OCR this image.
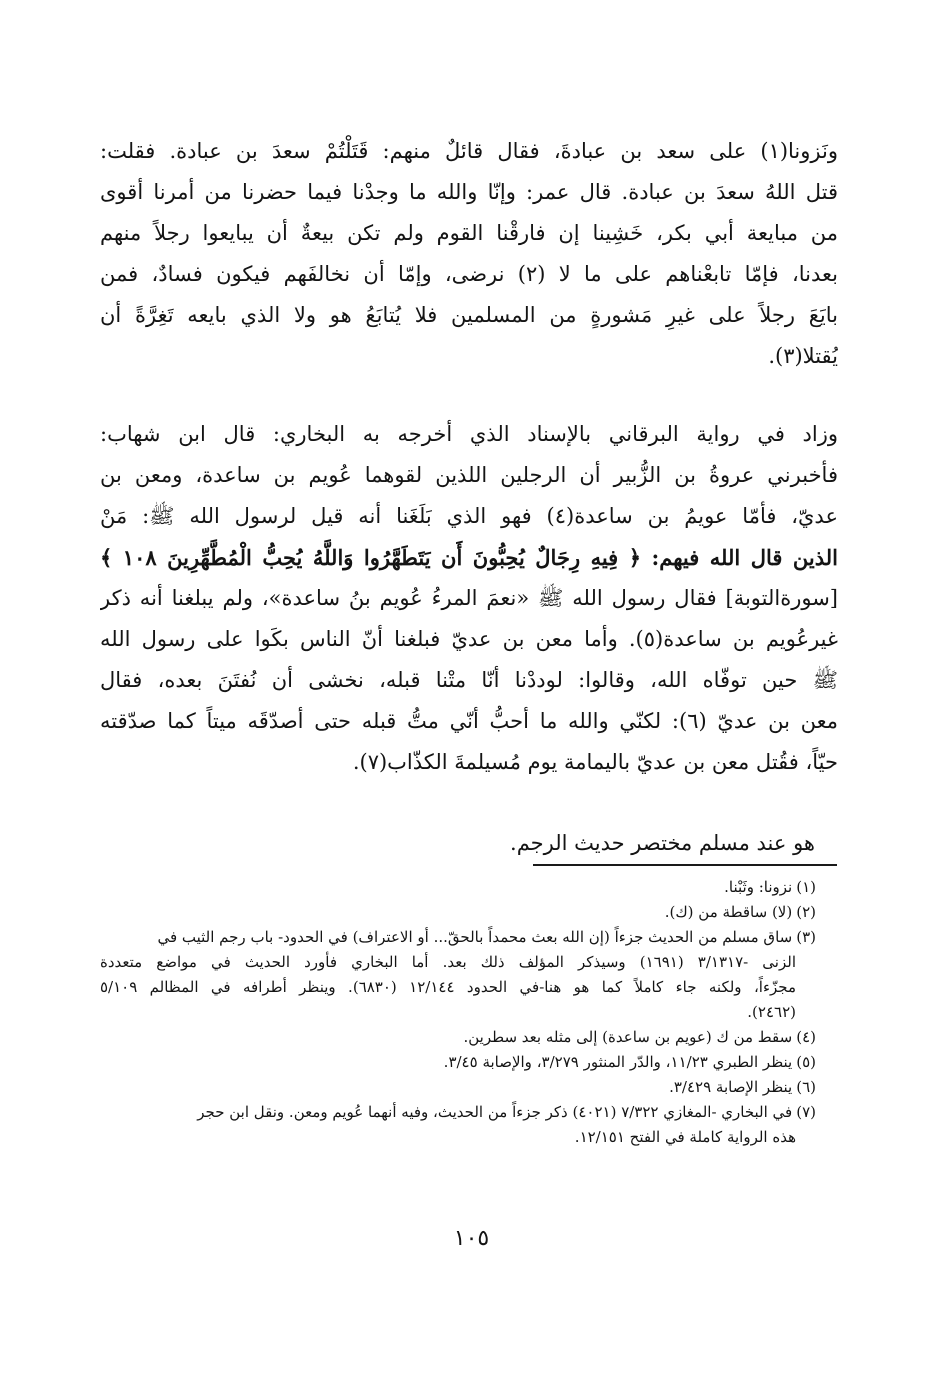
ونَزونا(١) على سعد بن عبادةَ، فقال قائلٌ منهم: قَتَلْتُمْ سعدَ بن عبادة. فقلت:
قتل اللهُ سعدَ بن عبادة. قال عمر: وإنّا والله ما وجدْنا فيما حضرنا من أمرنا أقوى
من مبايعة أبي بكر، خَشِينا إن فارقْنا القوم ولم تكن بيعةٌ أن يبايعوا رجلاً منهم
بعدنا، فإمّا تابعْناهم على ما لا (٢) نرضى، وإمّا أن نخالفَهم فيكون فسادٌ، فمن
بايَعَ رجلاً على غيرِ مَشورةٍ من المسلمين فلا يُتابَعُ هو ولا الذي بايعه تَغِرَّةً أن
يُقتلا(٣).
وزاد في رواية البرقاني بالإسناد الذي أخرجه به البخاري: قال ابن شهاب:
فأخبرني عروةُ بن الزُّبير أن الرجلين اللذين لقوهما عُويم بن ساعدة، ومعن بن
عديّ، فأمّا عويمُ بن ساعدة(٤) فهو الذي بَلَغَنا أنه قيل لرسول الله ﷺ: مَنْ
الذين قال الله فيهم: ﴿ فِيهِ رِجَالٌ يُحِبُّونَ أَن يَتَطَهَّرُوا وَاللَّهُ يُحِبُّ الْمُطَّهِّرِينَ ١٠٨ ﴾
[سورةالتوبة] فقال رسول الله ﷺ «نعمَ المرءُ عُويم بنُ ساعدة»، ولم يبلغنا أنه ذكر
غيرعُويم بن ساعدة(٥). وأما معن بن عديّ فبلغنا أنّ الناس بكَوا على رسول الله
ﷺ حين توفّاه الله، وقالوا: لوددْنا أنّا متْنا قبله، نخشى أن نُفتَنَ بعده، فقال
معن بن عديّ (٦): لكنّي والله ما أحبُّ أنّي متُّ قبله حتى أصدّقَه ميتاً كما صدّقته
حيّاً، فقُتل معن بن عديّ باليمامة يوم مُسيلمةَ الكذّاب(٧).
هو عند مسلم مختصر حديث الرجم.
(١)نزونا: وثَبْنا.
(٢)(لا) ساقطة من (ك).
(٣)ساق مسلم من الحديث جزءاً (إن الله بعث محمداً بالحقّ... أو الاعتراف) في الحدود- باب رجم الثيب في
الزنى -٣/١٣١٧ (١٦٩١) وسيذكر المؤلف ذلك بعد. أما البخاري فأورد الحديث في مواضع متعددة
مجزّءاً، ولكنه جاء كاملاً كما هو هنا-في الحدود ١٢/١٤٤ (٦٨٣٠). وينظر أطرافه في المظالم ٥/١٠٩
(٢٤٦٢).
(٤)سقط من ك (عويم بن ساعدة) إلى مثله بعد سطرين.
(٥)ينظر الطبري ١١/٢٣، والدّر المنثور ٣/٢٧٩، والإصابة ٣/٤٥.
(٦)ينظر الإصابة ٣/٤٢٩.
(٧)في البخاري -المغازي ٧/٣٢٢ (٤٠٢١) ذكر جزءاً من الحديث، وفيه أنهما عُويم ومعن. ونقل ابن حجر
هذه الرواية كاملة في الفتح ١٢/١٥١.
١٠٥
